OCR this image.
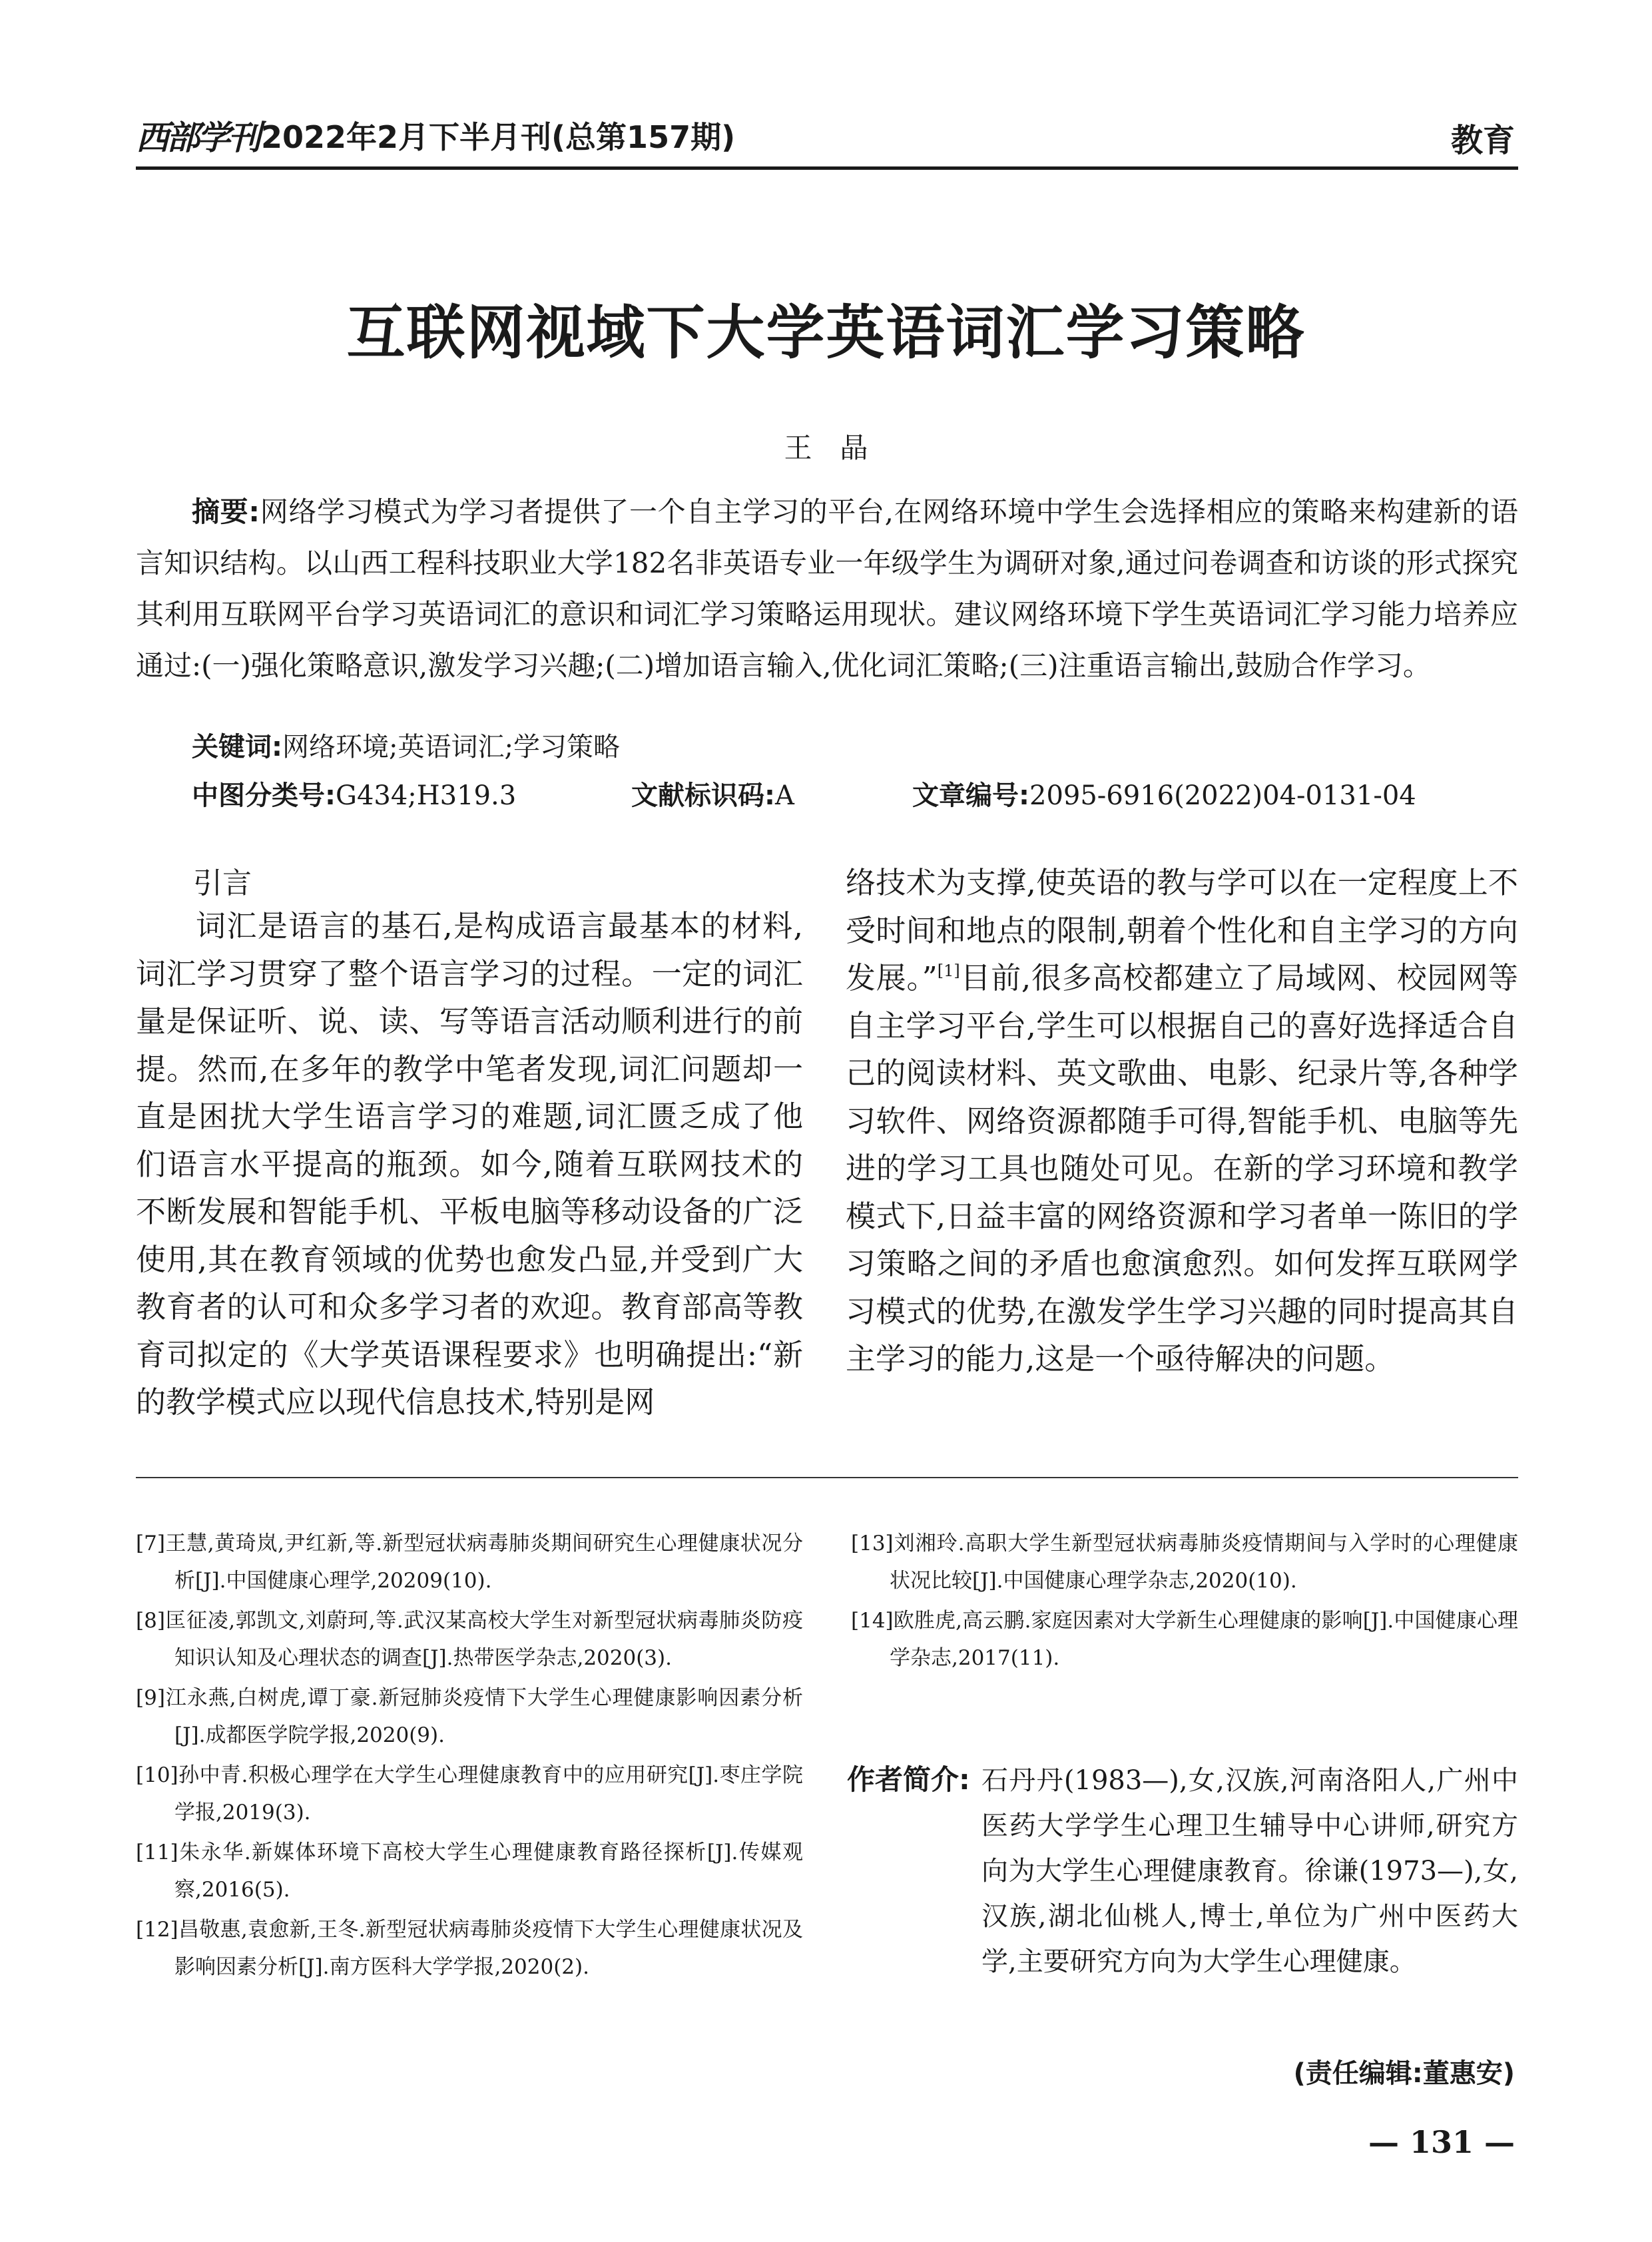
西部学刊 2022年2月下半月刊(总第157期)	教育
互联网视域下大学英语词汇学习策略
王　晶
摘要:网络学习模式为学习者提供了一个自主学习的平台,在网络环境中学生会选择相应的策略来构建新的语言知识结构。以山西工程科技职业大学182名非英语专业一年级学生为调研对象,通过问卷调查和访谈的形式探究其利用互联网平台学习英语词汇的意识和词汇学习策略运用现状。建议网络环境下学生英语词汇学习能力培养应通过:(一)强化策略意识,激发学习兴趣;(二)增加语言输入,优化词汇策略;(三)注重语言输出,鼓励合作学习。
关键词:网络环境;英语词汇;学习策略
中图分类号:G434;H319.3	文献标识码:A	文章编号:2095-6916(2022)04-0131-04
引言
词汇是语言的基石,是构成语言最基本的材料,词汇学习贯穿了整个语言学习的过程。一定的词汇量是保证听、说、读、写等语言活动顺利进行的前提。然而,在多年的教学中笔者发现,词汇问题却一直是困扰大学生语言学习的难题,词汇匮乏成了他们语言水平提高的瓶颈。如今,随着互联网技术的不断发展和智能手机、平板电脑等移动设备的广泛使用,其在教育领域的优势也愈发凸显,并受到广大教育者的认可和众多学习者的欢迎。教育部高等教育司拟定的《大学英语课程要求》也明确提出:“新的教学模式应以现代信息技术,特别是网
络技术为支撑,使英语的教与学可以在一定程度上不受时间和地点的限制,朝着个性化和自主学习的方向发展。”[1]目前,很多高校都建立了局域网、校园网等自主学习平台,学生可以根据自己的喜好选择适合自己的阅读材料、英文歌曲、电影、纪录片等,各种学习软件、网络资源都随手可得,智能手机、电脑等先进的学习工具也随处可见。在新的学习环境和教学模式下,日益丰富的网络资源和学习者单一陈旧的学习策略之间的矛盾也愈演愈烈。如何发挥互联网学习模式的优势,在激发学生学习兴趣的同时提高其自主学习的能力,这是一个亟待解决的问题。
[7]王慧,黄琦岚,尹红新,等.新型冠状病毒肺炎期间研究生心理健康状况分析[J].中国健康心理学,20209(10).
[8]匡征凌,郭凯文,刘蔚珂,等.武汉某高校大学生对新型冠状病毒肺炎防疫知识认知及心理状态的调查[J].热带医学杂志,2020(3).
[9]江永燕,白树虎,谭丁豪.新冠肺炎疫情下大学生心理健康影响因素分析[J].成都医学院学报,2020(9).
[10]孙中青.积极心理学在大学生心理健康教育中的应用研究[J].枣庄学院学报,2019(3).
[11]朱永华.新媒体环境下高校大学生心理健康教育路径探析[J].传媒观察,2016(5).
[12]昌敬惠,袁愈新,王冬.新型冠状病毒肺炎疫情下大学生心理健康状况及影响因素分析[J].南方医科大学学报,2020(2).
[13]刘湘玲.高职大学生新型冠状病毒肺炎疫情期间与入学时的心理健康状况比较[J].中国健康心理学杂志,2020(10).
[14]欧胜虎,高云鹏.家庭因素对大学新生心理健康的影响[J].中国健康心理学杂志,2017(11).
作者简介: 石丹丹(1983—),女,汉族,河南洛阳人,广州中医药大学学生心理卫生辅导中心讲师,研究方向为大学生心理健康教育。徐谦(1973—),女,汉族,湖北仙桃人,博士,单位为广州中医药大学,主要研究方向为大学生心理健康。
(责任编辑:董惠安)
— 131 —
